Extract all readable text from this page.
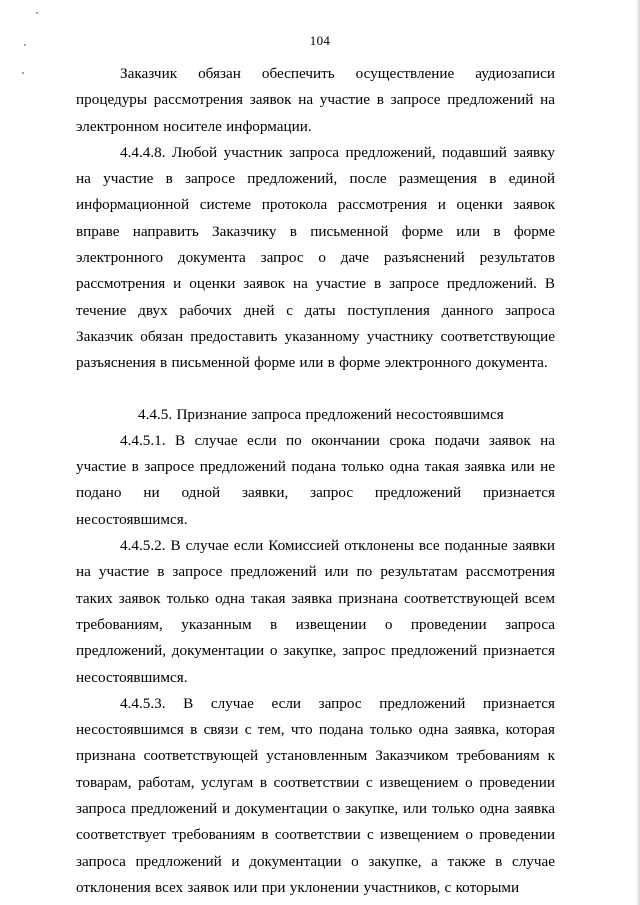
104

Заказчик обязан обеспечить осуществление аудиозаписи процедуры рассмотрения заявок на участие в запросе предложений на электронном носителе информации.

4.4.4.8. Любой участник запроса предложений, подавший заявку на участие в запросе предложений, после размещения в единой информационной системе протокола рассмотрения и оценки заявок вправе направить Заказчику в письменной форме или в форме электронного документа запрос о даче разъяснений результатов рассмотрения и оценки заявок на участие в запросе предложений. В течение двух рабочих дней с даты поступления данного запроса Заказчик обязан предоставить указанному участнику соответствующие разъяснения в письменной форме или в форме электронного документа.

4.4.5. Признание запроса предложений несостоявшимся

4.4.5.1. В случае если по окончании срока подачи заявок на участие в запросе предложений подана только одна такая заявка или не подано ни одной заявки, запрос предложений признается несостоявшимся.

4.4.5.2. В случае если Комиссией отклонены все поданные заявки на участие в запросе предложений или по результатам рассмотрения таких заявок только одна такая заявка признана соответствующей всем требованиям, указанным в извещении о проведении запроса предложений, документации о закупке, запрос предложений признается несостоявшимся.

4.4.5.3. В случае если запрос предложений признается несостоявшимся в связи с тем, что подана только одна заявка, которая признана соответствующей установленным Заказчиком требованиям к товарам, работам, услугам в соответствии с извещением о проведении запроса предложений и документации о закупке, или только одна заявка соответствует требованиям в соответствии с извещением о проведении запроса предложений и документации о закупке, а также в случае отклонения всех заявок или при уклонении участников, с которыми
